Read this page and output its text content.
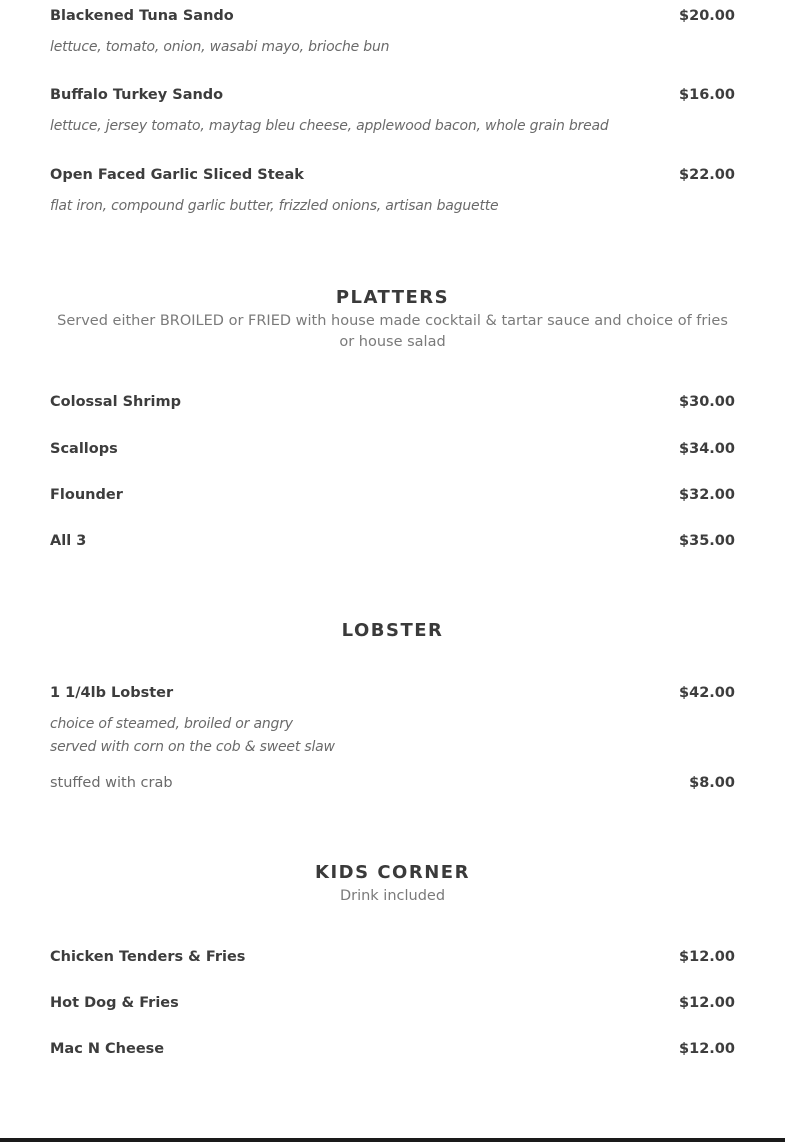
Blackened Tuna Sando	$20.00
lettuce, tomato, onion, wasabi mayo, brioche bun
Buffalo Turkey Sando	$16.00
lettuce, jersey tomato, maytag bleu cheese, applewood bacon, whole grain bread
Open Faced Garlic Sliced Steak	$22.00
flat iron, compound garlic butter, frizzled onions, artisan baguette
PLATTERS
Served either BROILED or FRIED with house made cocktail & tartar sauce and choice of fries or house salad
Colossal Shrimp	$30.00
Scallops	$34.00
Flounder	$32.00
All 3	$35.00
LOBSTER
1 1/4lb Lobster	$42.00
choice of steamed, broiled or angry
served with corn on the cob & sweet slaw
stuffed with crab	$8.00
KIDS CORNER
Drink included
Chicken Tenders & Fries	$12.00
Hot Dog & Fries	$12.00
Mac N Cheese	$12.00
